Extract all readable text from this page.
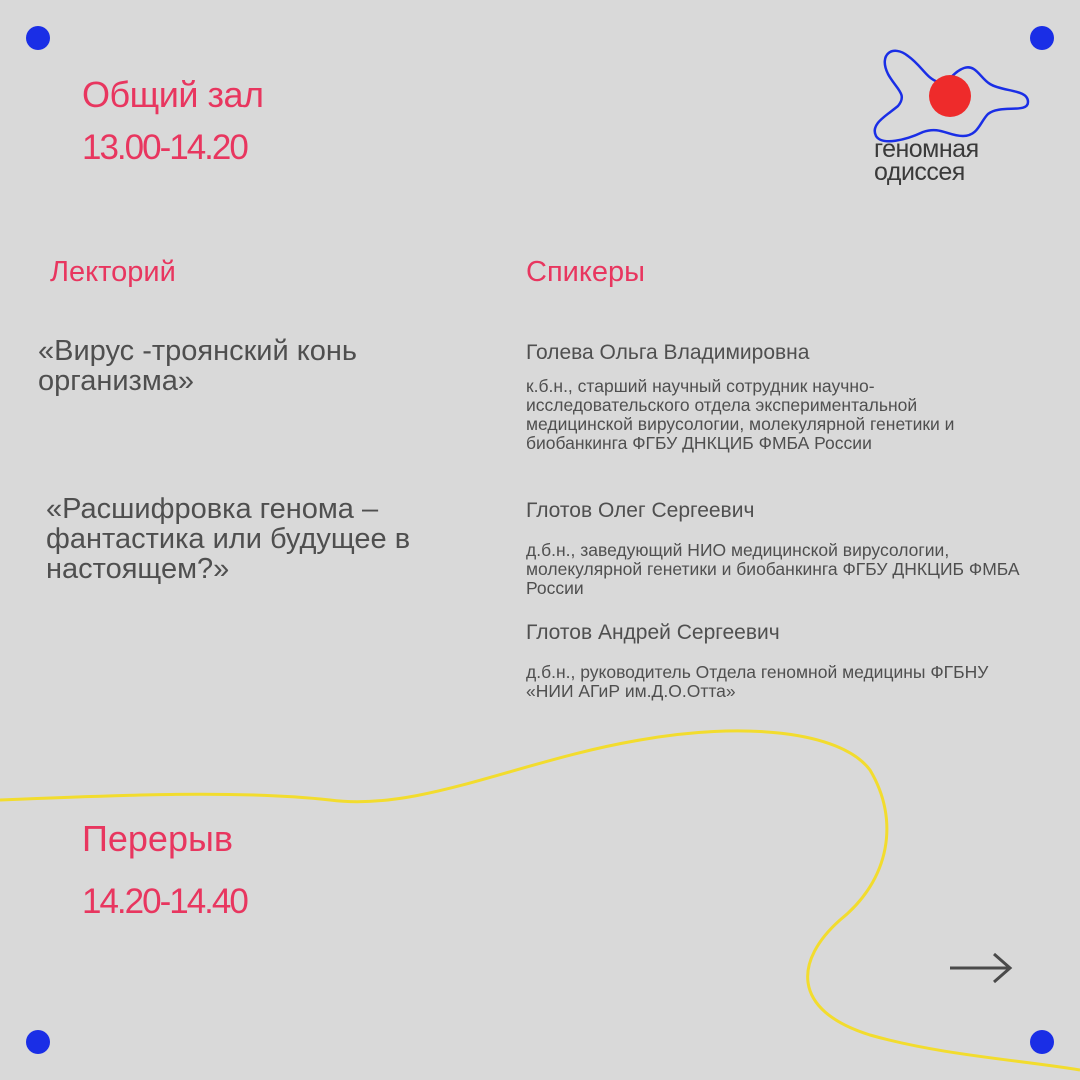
Общий зал
13.00-14.20	геномная
одиссея
Лекторий	Спикеры
«Вирус -троянский конь организма»
«Расшифровка генома – фантастика или будущее в настоящем?»
Голева Ольга Владимировна
к.б.н., старший научный сотрудник научно-исследовательского отдела экспериментальной медицинской вирусологии, молекулярной генетики и биобанкинга ФГБУ ДНКЦИБ ФМБА России
Глотов Олег Сергеевич
д.б.н., заведующий НИО медицинской вирусологии, молекулярной генетики и биобанкинга ФГБУ ДНКЦИБ ФМБА России
Глотов Андрей Сергеевич
д.б.н., руководитель Отдела геномной медицины ФГБНУ «НИИ АГиР им.Д.О.Отта»
Перерыв
14.20-14.40
